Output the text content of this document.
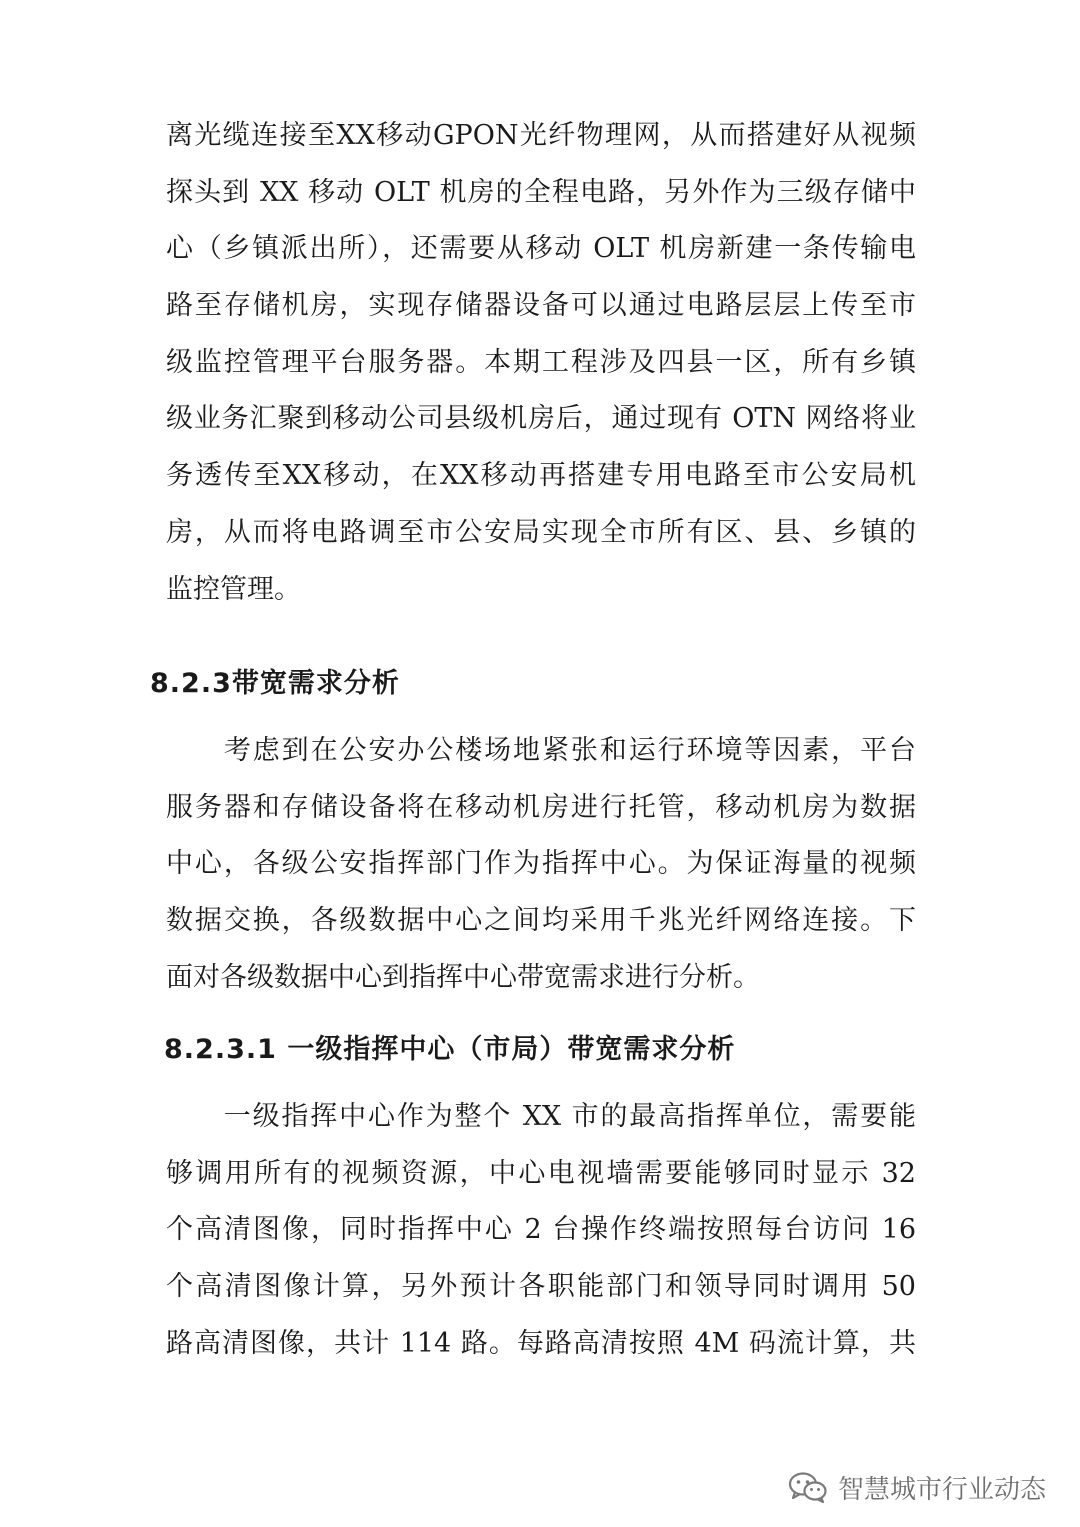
离光缆连接至XX移动GPON光纤物理网，从而搭建好从视频
探头到 XX 移动 OLT 机房的全程电路，另外作为三级存储中
心（乡镇派出所），还需要从移动 OLT 机房新建一条传输电
路至存储机房，实现存储器设备可以通过电路层层上传至市
级监控管理平台服务器。本期工程涉及四县一区，所有乡镇
级业务汇聚到移动公司县级机房后，通过现有 OTN 网络将业
务透传至XX移动，在XX移动再搭建专用电路至市公安局机
房，从而将电路调至市公安局实现全市所有区、县、乡镇的
监控管理。
8.2.3带宽需求分析
　　考虑到在公安办公楼场地紧张和运行环境等因素，平台
服务器和存储设备将在移动机房进行托管，移动机房为数据
中心，各级公安指挥部门作为指挥中心。为保证海量的视频
数据交换，各级数据中心之间均采用千兆光纤网络连接。下
面对各级数据中心到指挥中心带宽需求进行分析。
8.2.3.1 一级指挥中心（市局）带宽需求分析
　　一级指挥中心作为整个 XX 市的最高指挥单位，需要能
够调用所有的视频资源，中心电视墙需要能够同时显示 32
个高清图像，同时指挥中心 2 台操作终端按照每台访问 16
个高清图像计算，另外预计各职能部门和领导同时调用 50
路高清图像，共计 114 路。每路高清按照 4M 码流计算，共
智慧城市行业动态
